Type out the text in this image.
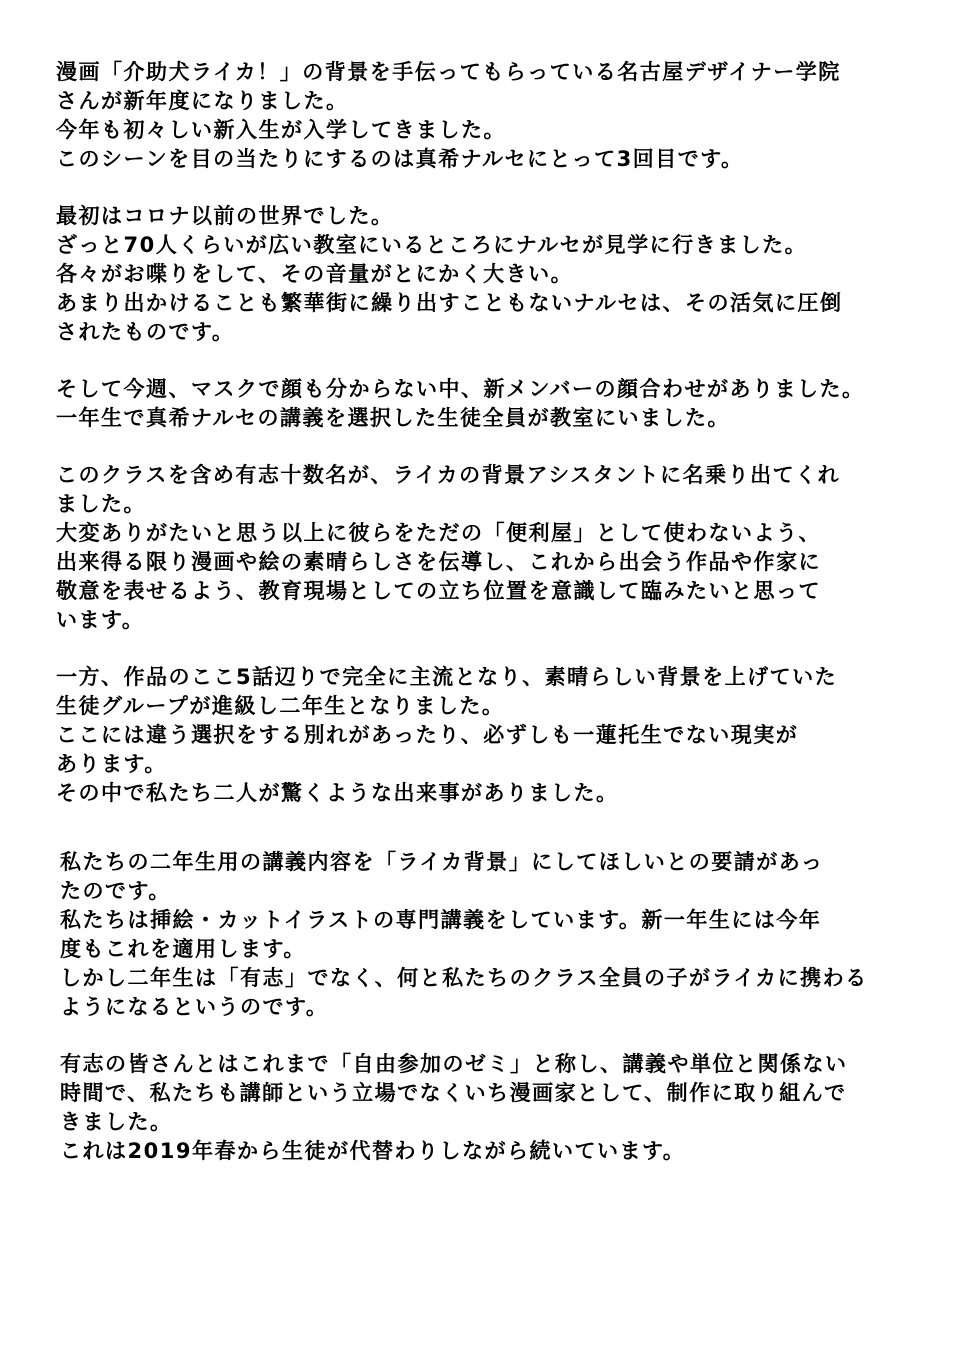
漫画「介助犬ライカ！」の背景を手伝ってもらっている名古屋デザイナー学院
さんが新年度になりました。
今年も初々しい新入生が入学してきました。
このシーンを目の当たりにするのは真希ナルセにとって3回目です。
最初はコロナ以前の世界でした。
ざっと70人くらいが広い教室にいるところにナルセが見学に行きました。
各々がお喋りをして、その音量がとにかく大きい。
あまり出かけることも繁華街に繰り出すこともないナルセは、その活気に圧倒
されたものです。
そして今週、マスクで顔も分からない中、新メンバーの顔合わせがありました。
一年生で真希ナルセの講義を選択した生徒全員が教室にいました。
このクラスを含め有志十数名が、ライカの背景アシスタントに名乗り出てくれ
ました。
大変ありがたいと思う以上に彼らをただの「便利屋」として使わないよう、
出来得る限り漫画や絵の素晴らしさを伝導し、これから出会う作品や作家に
敬意を表せるよう、教育現場としての立ち位置を意識して臨みたいと思って
います。
一方、作品のここ5話辺りで完全に主流となり、素晴らしい背景を上げていた
生徒グループが進級し二年生となりました。
ここには違う選択をする別れがあったり、必ずしも一蓮托生でない現実が
あります。
その中で私たち二人が驚くような出来事がありました。
私たちの二年生用の講義内容を「ライカ背景」にしてほしいとの要請があっ
たのです。
私たちは挿絵・カットイラストの専門講義をしています。新一年生には今年
度もこれを適用します。
しかし二年生は「有志」でなく、何と私たちのクラス全員の子がライカに携わる
ようになるというのです。
有志の皆さんとはこれまで「自由参加のゼミ」と称し、講義や単位と関係ない
時間で、私たちも講師という立場でなくいち漫画家として、制作に取り組んで
きました。
これは2019年春から生徒が代替わりしながら続いています。
